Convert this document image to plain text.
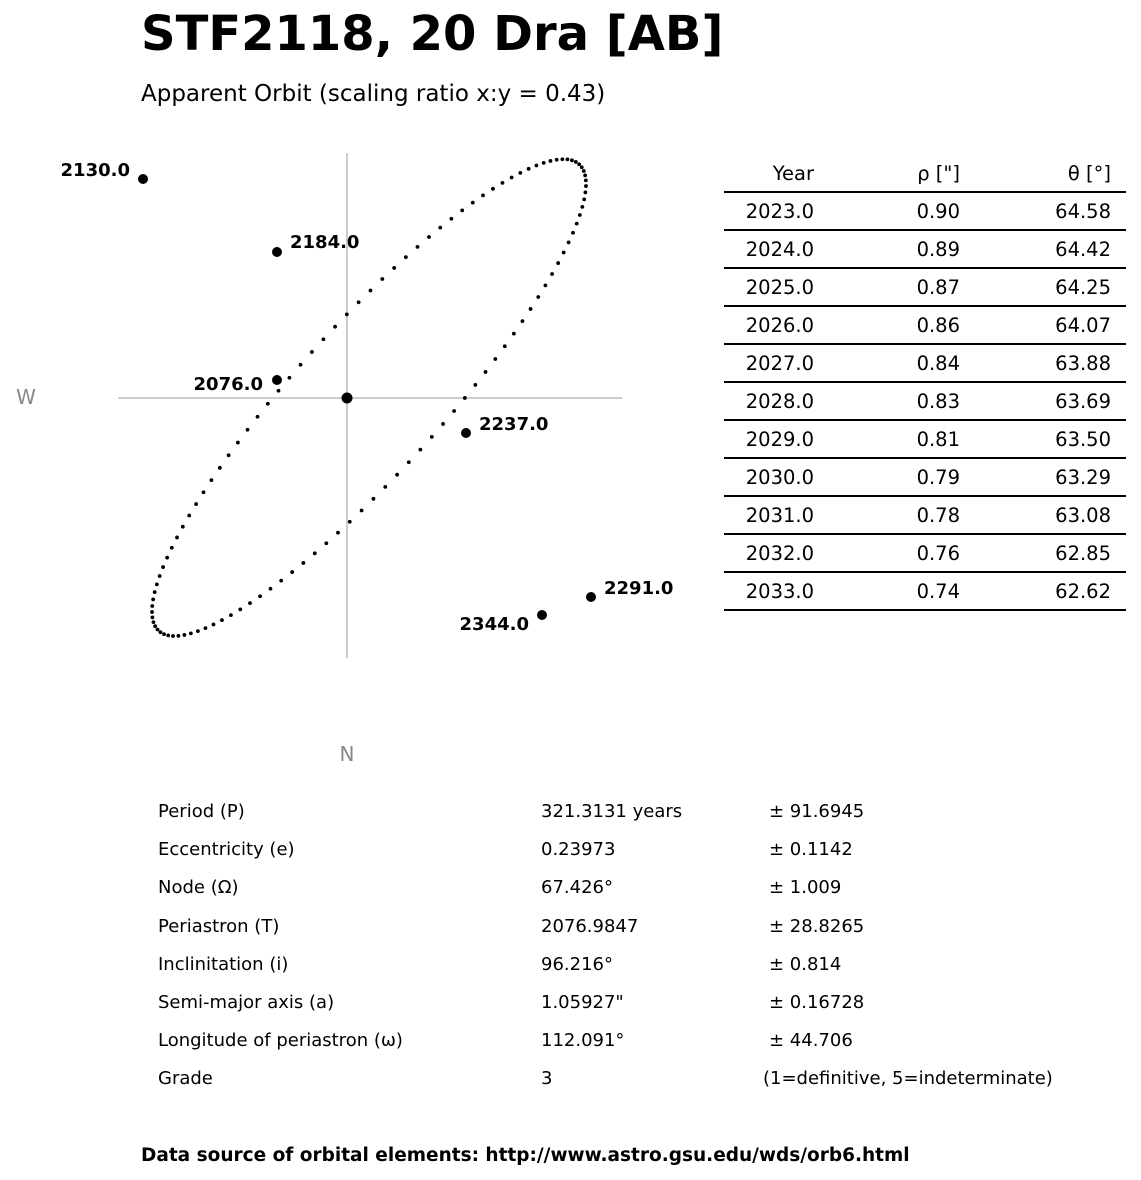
STF2118, 20 Dra [AB]
Apparent Orbit (scaling ratio x:y = 0.43)
2076.0
2130.0
2184.0
2237.0
2291.0
2344.0
W
N
Year	ρ ["]	θ [°]
2023.0	0.90	64.58
2024.0	0.89	64.42
2025.0	0.87	64.25
2026.0	0.86	64.07
2027.0	0.84	63.88
2028.0	0.83	63.69
2029.0	0.81	63.50
2030.0	0.79	63.29
2031.0	0.78	63.08
2032.0	0.76	62.85
2033.0	0.74	62.62
Period (P)	321.3131 years	± 91.6945
Eccentricity (e)	0.23973	± 0.1142
Node (Ω)	67.426°	± 1.009
Periastron (T)	2076.9847	± 28.8265
Inclinitation (i)	96.216°	± 0.814
Semi-major axis (a)	1.05927"	± 0.16728
Longitude of periastron (ω)	112.091°	± 44.706
Grade	3	(1=definitive, 5=indeterminate)
Data source of orbital elements: http://www.astro.gsu.edu/wds/orb6.html
